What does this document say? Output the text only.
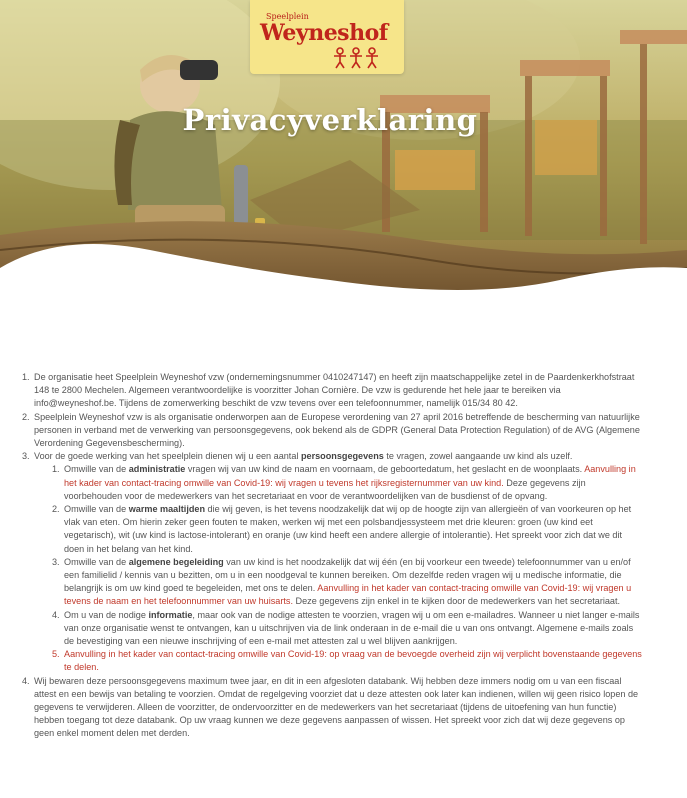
Speelplein
Weyneshof
Privacyverklaring
1. De organisatie heet Speelplein Weyneshof vzw (ondernemingsnummer 0410247147) en heeft zijn maatschappelijke zetel in de Paardenkerkhofstraat 148 te 2800 Mechelen. Algemeen verantwoordelijke is voorzitter Johan Cornière. De vzw is gedurende het hele jaar te bereiken via info@weyneshof.be. Tijdens de zomerwerking beschikt de vzw tevens over een telefoonnummer, namelijk 015/34 80 42.
2. Speelplein Weyneshof vzw is als organisatie onderworpen aan de Europese verordening van 27 april 2016 betreffende de bescherming van natuurlijke personen in verband met de verwerking van persoonsgegevens, ook bekend als de GDPR (General Data Protection Regulation) of de AVG (Algemene Verordening Gegevensbescherming).
3. Voor de goede werking van het speelplein dienen wij u een aantal persoonsgegevens te vragen, zowel aangaande uw kind als uzelf.
1. Omwille van de administratie vragen wij van uw kind de naam en voornaam, de geboortedatum, het geslacht en de woonplaats. Aanvulling in het kader van contact-tracing omwille van Covid-19: wij vragen u tevens het rijksregisternummer van uw kind. Deze gegevens zijn voorbehouden voor de medewerkers van het secretariaat en voor de verantwoordelijken van de busdienst of de opvang.
2. Omwille van de warme maaltijden die wij geven, is het tevens noodzakelijk dat wij op de hoogte zijn van allergieën of van voorkeuren op het vlak van eten. Om hierin zeker geen fouten te maken, werken wij met een polsbandjessysteem met drie kleuren: groen (uw kind eet vegetarisch), wit (uw kind is lactose-intolerant) en oranje (uw kind heeft een andere allergie of intolerantie). Het spreekt voor zich dat we dit doen in het belang van het kind.
3. Omwille van de algemene begeleiding van uw kind is het noodzakelijk dat wij één (en bij voorkeur een tweede) telefoonnummer van u en/of een familielid / kennis van u bezitten, om u in een noodgeval te kunnen bereiken. Om dezelfde reden vragen wij u medische informatie, die belangrijk is om uw kind goed te begeleiden, met ons te delen. Aanvulling in het kader van contact-tracing omwille van Covid-19: wij vragen u tevens de naam en het telefoonnummer van uw huisarts. Deze gegevens zijn enkel in te kijken door de medewerkers van het secretariaat.
4. Om u van de nodige informatie, maar ook van de nodige attesten te voorzien, vragen wij u om een e-mailadres. Wanneer u niet langer e-mails van onze organisatie wenst te ontvangen, kan u uitschrijven via de link onderaan in de e-mail die u van ons ontvangt. Algemene e-mails zoals de bevestiging van een nieuwe inschrijving of een e-mail met attesten zal u wel blijven aankrijgen.
5. Aanvulling in het kader van contact-tracing omwille van Covid-19: op vraag van de bevoegde overheid zijn wij verplicht bovenstaande gegevens te delen.
4. Wij bewaren deze persoonsgegevens maximum twee jaar, en dit in een afgesloten databank. Wij hebben deze immers nodig om u van een fiscaal attest en een bewijs van betaling te voorzien. Omdat de regelgeving voorziet dat u deze attesten ook later kan indienen, willen wij geen risico lopen de gegevens te verwijderen. Alleen de voorzitter, de ondervoorzitter en de medewerkers van het secretariaat (tijdens de uitoefening van hun functie) hebben toegang tot deze databank. Op uw vraag kunnen we deze gegevens aanpassen of wissen. Het spreekt voor zich dat wij deze gegevens op geen enkel moment delen met derden.
